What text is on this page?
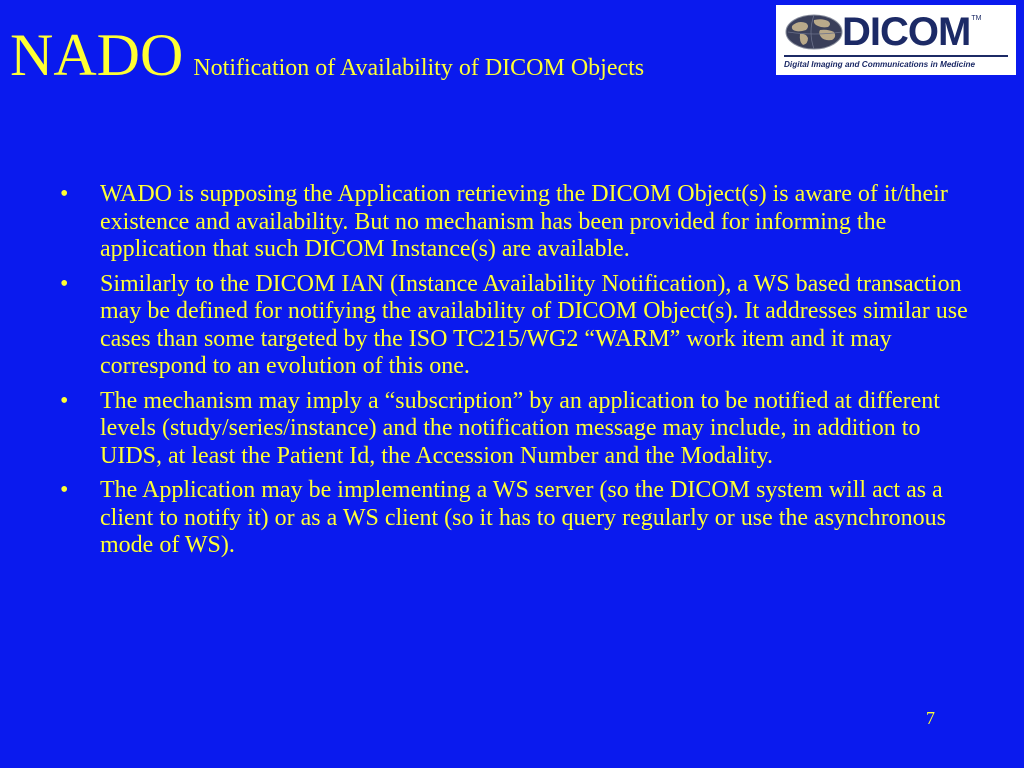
NADO Notification of Availability of DICOM Objects
DICOM TM
Digital Imaging and Communications in Medicine
• WADO is supposing the Application retrieving the DICOM Object(s) is aware of it/their existence and availability. But no mechanism has been provided for informing the application that such DICOM Instance(s) are available.
• Similarly to the DICOM IAN (Instance Availability Notification), a WS based transaction may be defined for notifying the availability of DICOM Object(s). It addresses similar use cases than some targeted by the ISO TC215/WG2 “WARM” work item and it may correspond to an evolution of this one.
• The mechanism may imply a “subscription” by an application to be notified at different levels (study/series/instance) and the notification message may include, in addition to UIDS, at least the Patient Id, the Accession Number and the Modality.
• The Application may be implementing a WS server (so the DICOM system will act as a client to notify it) or as a WS client (so it has to query regularly or use the asynchronous mode of WS).
7
